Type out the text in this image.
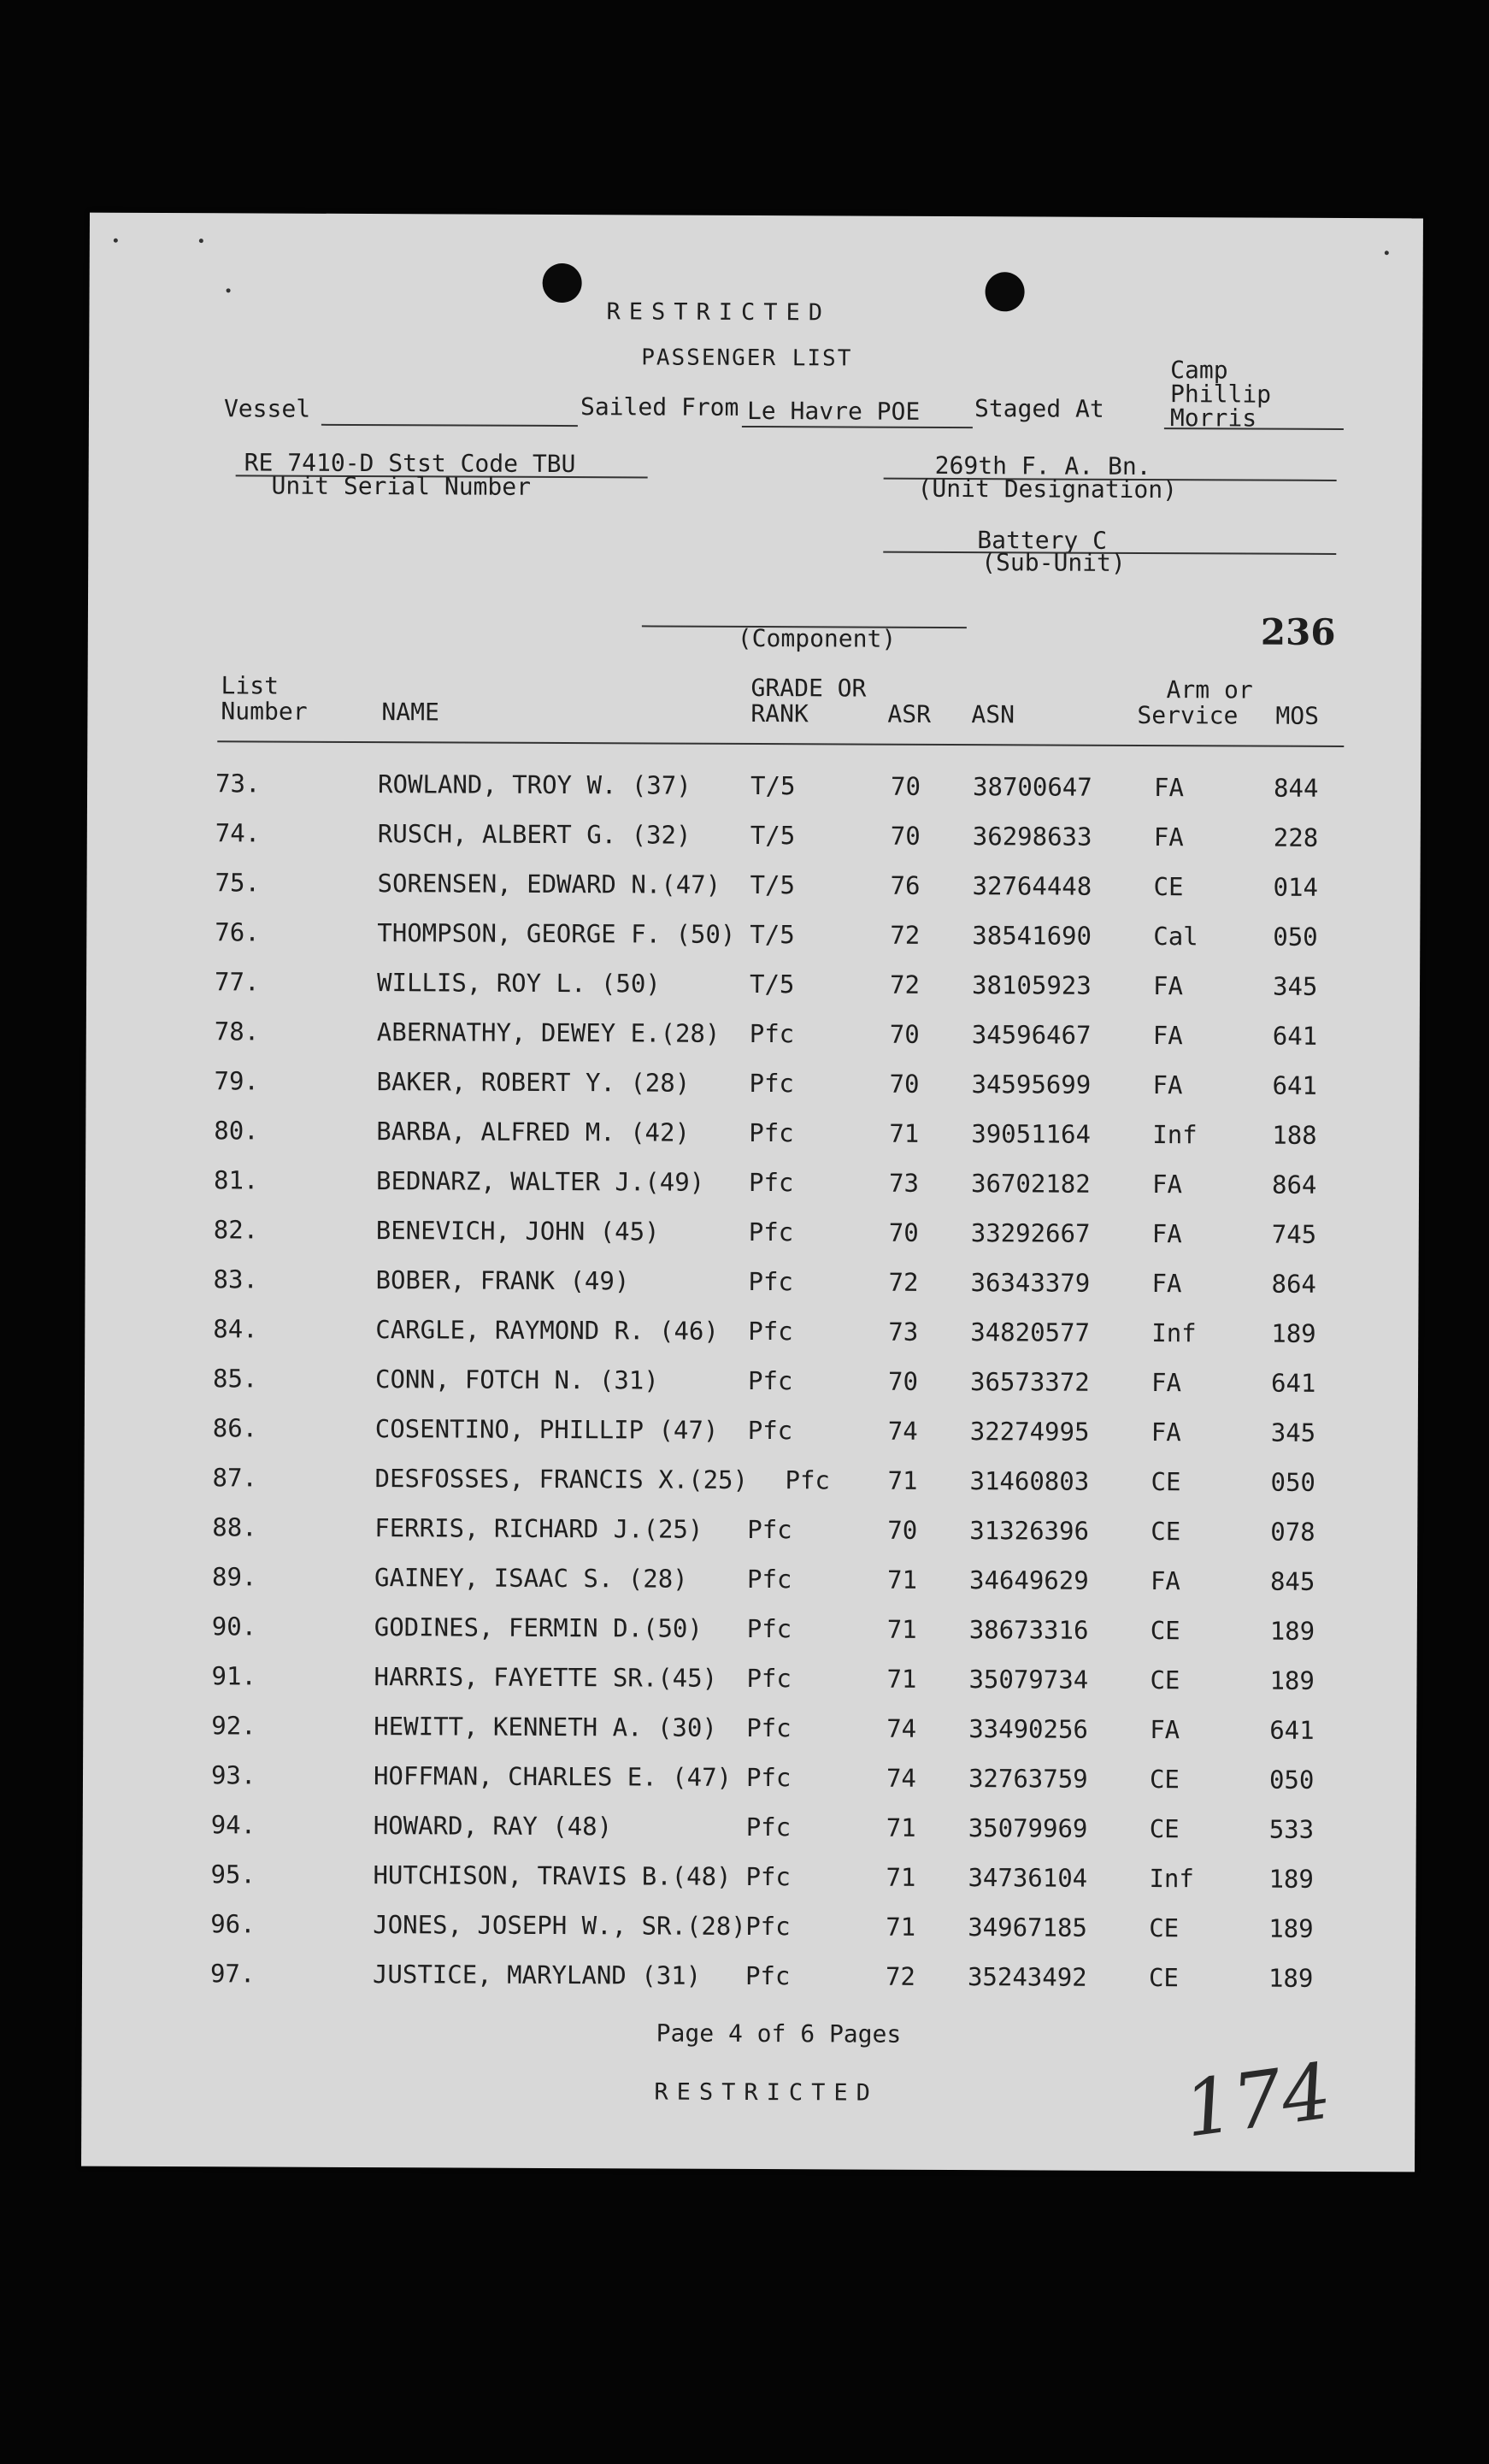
RESTRICTED
PASSENGER LIST
Vessel	Sailed From Le Havre POE Staged At
Camp
Phillip
Morris
RE 7410-D Stst Code TBU
Unit Serial Number
269th F. A. Bn.
(Unit Designation)
Battery C
(Sub-Unit)
(Component)	236
List
Number	NAME
GRADE OR
RANK	ASR ASN
Arm or
Service MOS
73.	ROWLAND, TROY W. (37) T/5	70 38700647 FA	844
74.	RUSCH, ALBERT G. (32) T/5	70 36298633 FA	228
75.	SORENSEN, EDWARD N.(47) T/5	76 32764448 CE	014
76.	THOMPSON, GEORGE F. (50) T/5	72 38541690 Cal	050
77.	WILLIS, ROY L. (50)	T/5	72 38105923 FA	345
78.	ABERNATHY, DEWEY E.(28) Pfc	70 34596467 FA	641
79.	BAKER, ROBERT Y. (28) Pfc	70 34595699 FA	641
80.	BARBA, ALFRED M. (42) Pfc	71 39051164 Inf	188
81.	BEDNARZ, WALTER J.(49) Pfc	73 36702182 FA	864
82.	BENEVICH, JOHN (45)	Pfc	70 33292667 FA	745
83.	BOBER, FRANK (49)	Pfc	72 36343379 FA	864
84.	CARGLE, RAYMOND R. (46) Pfc	73 34820577 Inf	189
85.	CONN, FOTCH N. (31)	Pfc	70 36573372 FA	641
86.	COSENTINO, PHILLIP (47) Pfc	74 32274995 FA	345
87.	DESFOSSES, FRANCIS X.(25) Pfc 71 31460803 CE	050
88.	FERRIS, RICHARD J.(25) Pfc	70 31326396 CE	078
89.	GAINEY, ISAAC S. (28) Pfc	71 34649629 FA	845
90.	GODINES, FERMIN D.(50) Pfc	71 38673316 CE	189
91.	HARRIS, FAYETTE SR.(45) Pfc	71 35079734 CE	189
92.	HEWITT, KENNETH A. (30) Pfc	74 33490256 FA	641
93.	HOFFMAN, CHARLES E. (47) Pfc	74 32763759 CE	050
94.	HOWARD, RAY (48)	Pfc	71 35079969 CE	533
95.	HUTCHISON, TRAVIS B.(48) Pfc	71 34736104 Inf	189
96.	JONES, JOSEPH W., SR.(28) Pfc	71 34967185 CE	189
97.	JUSTICE, MARYLAND (31) Pfc	72 35243492 CE	189
Page 4 of 6 Pages
RESTRICTED	174
